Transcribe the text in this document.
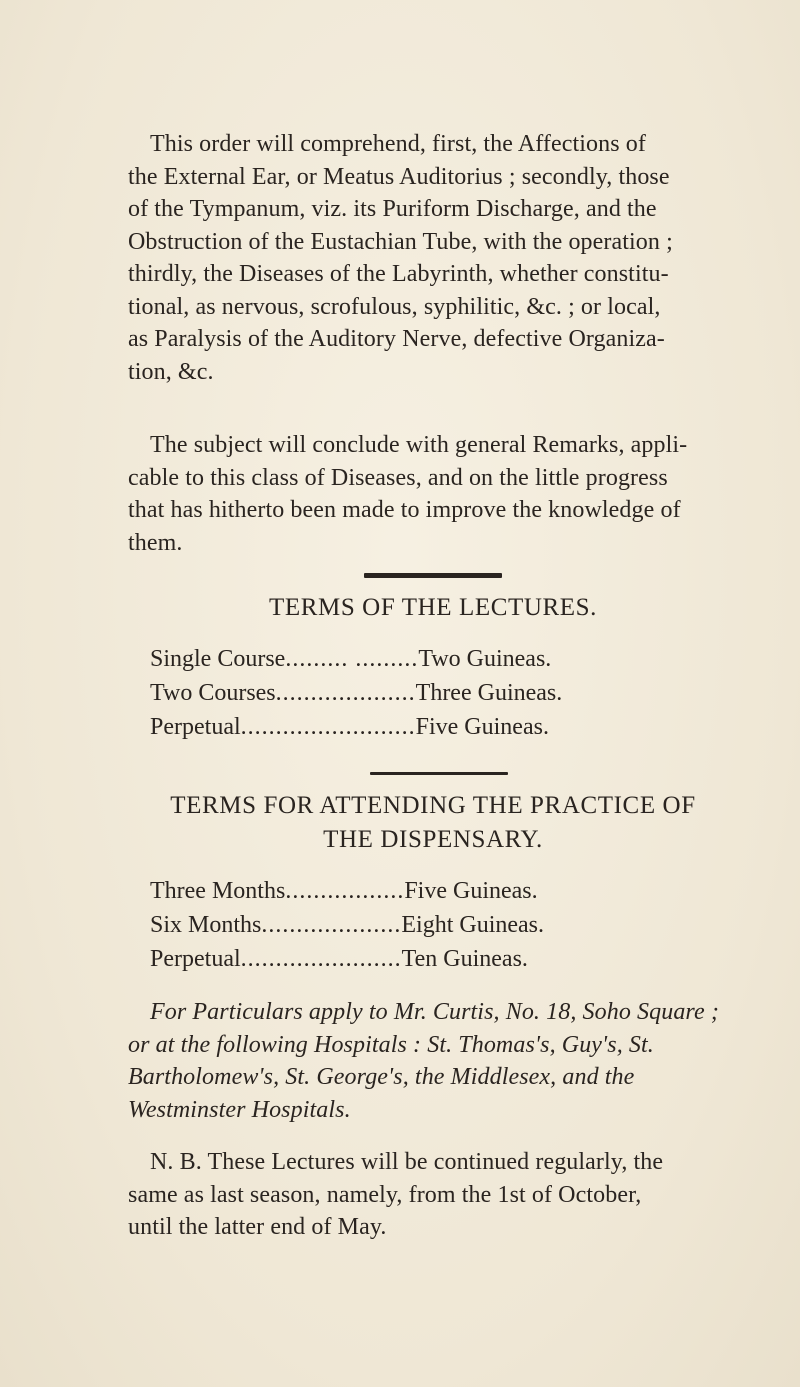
This order will comprehend, first, the Affections of

the External Ear, or Meatus Auditorius ; secondly, those

of the Tympanum, viz. its Puriform Discharge, and the

Obstruction of the Eustachian Tube, with the operation ;

thirdly, the Diseases of the Labyrinth, whether constitu-

tional, as nervous, scrofulous, syphilitic, &c. ; or local,

as Paralysis of the Auditory Nerve, defective Organiza-

tion, &c.

The subject will conclude with general Remarks, appli-

cable to this class of Diseases, and on the little progress

that has hitherto been made to improve the knowledge of

them.

TERMS OF THE LECTURES.

Single Course......... .........Two Guineas.
Two Courses....................Three Guineas.
Perpetual.........................Five Guineas.

TERMS FOR ATTENDING THE PRACTICE OF

THE DISPENSARY.

Three Months.................Five Guineas.
Six Months....................Eight Guineas.
Perpetual.......................Ten Guineas.

For Particulars apply to Mr. Curtis, No. 18, Soho Square ;

or at the following Hospitals : St. Thomas's, Guy's, St.

Bartholomew's, St. George's, the Middlesex, and the

Westminster Hospitals.

N. B. These Lectures will be continued regularly, the

same as last season, namely, from the 1st of October,

until the latter end of May.
